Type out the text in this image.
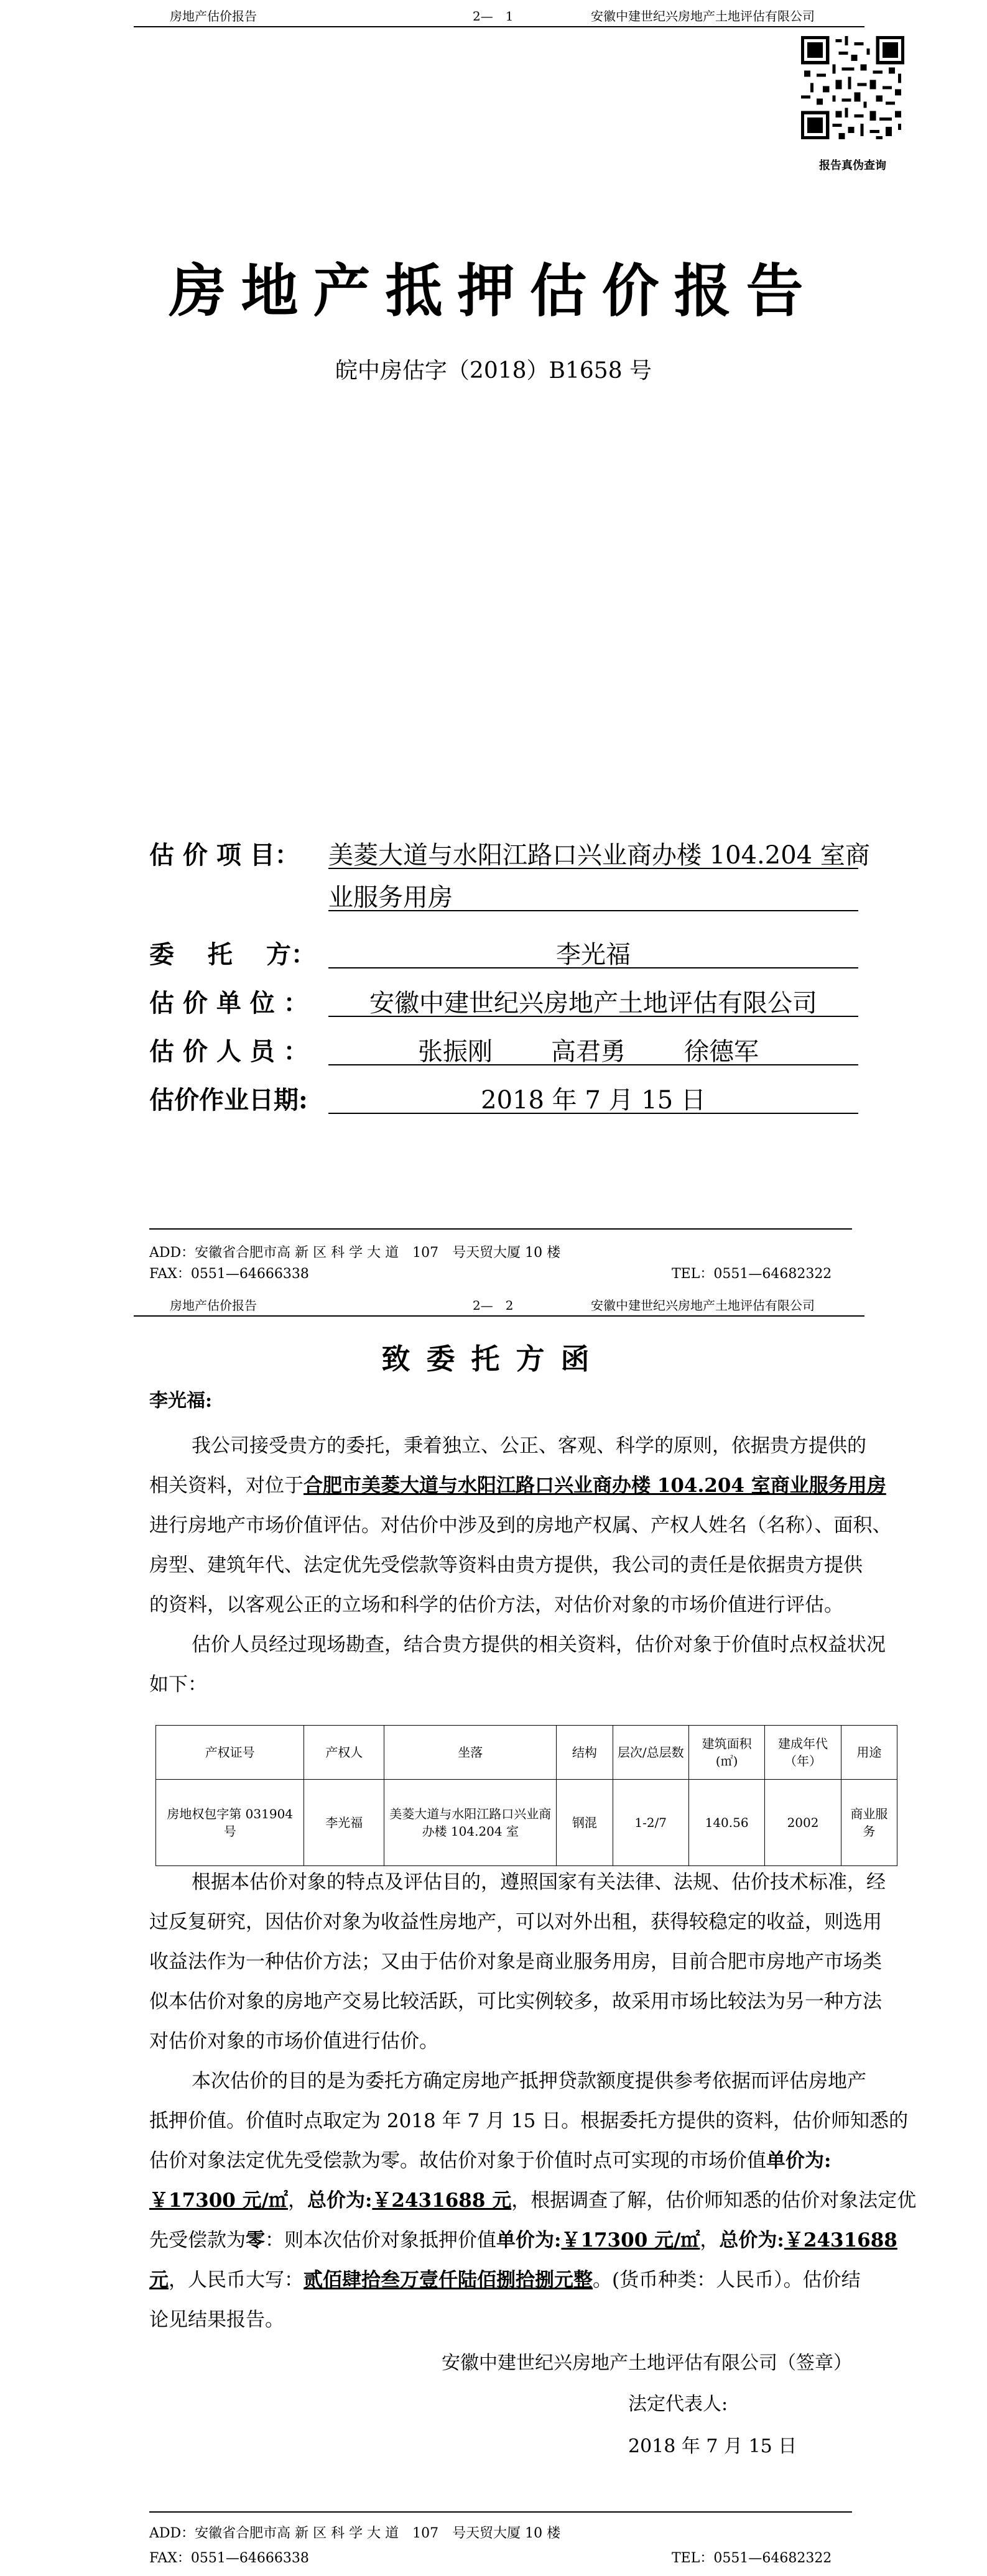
房地产估价报告	2—　1	安徽中建世纪兴房地产土地评估有限公司
报告真伪查询
房地产抵押估价报告
皖中房估字（2018）B1658 号
估 价 项 目： 美菱大道与水阳江路口兴业商办楼 104.204 室商
业服务用房
委　 托 　方：	李光福
估 价 单 位 ：	安徽中建世纪兴房地产土地评估有限公司
估 价 人 员 ：	张振刚 高君勇 徐德军
估价作业日期:	2018 年 7 月 15 日
ADD：安徽省合肥市高 新 区 科 学 大 道　107　号天贸大厦 10 楼
FAX：0551—64666338	TEL：0551—64682322
房地产估价报告	2—　2	安徽中建世纪兴房地产土地评估有限公司
致委托方函
李光福:
我公司接受贵方的委托，秉着独立、公正、客观、科学的原则，依据贵方提供的
相关资料，对位于合肥市美菱大道与水阳江路口兴业商办楼 104.204 室商业服务用房
进行房地产市场价值评估。对估价中涉及到的房地产权属、产权人姓名（名称）、面积、
房型、建筑年代、法定优先受偿款等资料由贵方提供，我公司的责任是依据贵方提供
的资料，以客观公正的立场和科学的估价方法，对估价对象的市场价值进行评估。
估价人员经过现场勘查，结合贵方提供的相关资料，估价对象于价值时点权益状况
如下：
产权证号	产权人	坐落	结构	层次/总层数	建筑面积(㎡)	建成年代（年）	用途
房地权包字第 031904 号	李光福	美菱大道与水阳江路口兴业商办楼 104.204 室	钢混	1-2/7	140.56	2002	商业服务
根据本估价对象的特点及评估目的，遵照国家有关法律、法规、估价技术标准，经
过反复研究，因估价对象为收益性房地产，可以对外出租，获得较稳定的收益，则选用
收益法作为一种估价方法；又由于估价对象是商业服务用房，目前合肥市房地产市场类
似本估价对象的房地产交易比较活跃，可比实例较多，故采用市场比较法为另一种方法
对估价对象的市场价值进行估价。
本次估价的目的是为委托方确定房地产抵押贷款额度提供参考依据而评估房地产
抵押价值。价值时点取定为 2018 年 7 月 15 日。根据委托方提供的资料，估价师知悉的
估价对象法定优先受偿款为零。故估价对象于价值时点可实现的市场价值单价为:
￥17300 元/㎡，总价为:￥2431688 元，根据调查了解，估价师知悉的估价对象法定优
先受偿款为零：则本次估价对象抵押价值单价为:￥17300 元/㎡，总价为:￥2431688
元，人民币大写：贰佰肆拾叁万壹仟陆佰捌拾捌元整。(货币种类：人民币）。估价结
论见结果报告。
安徽中建世纪兴房地产土地评估有限公司（签章）
法定代表人:
2018 年 7 月 15 日
ADD：安徽省合肥市高 新 区 科 学 大 道　107　号天贸大厦 10 楼
FAX：0551—64666338	TEL：0551—64682322
